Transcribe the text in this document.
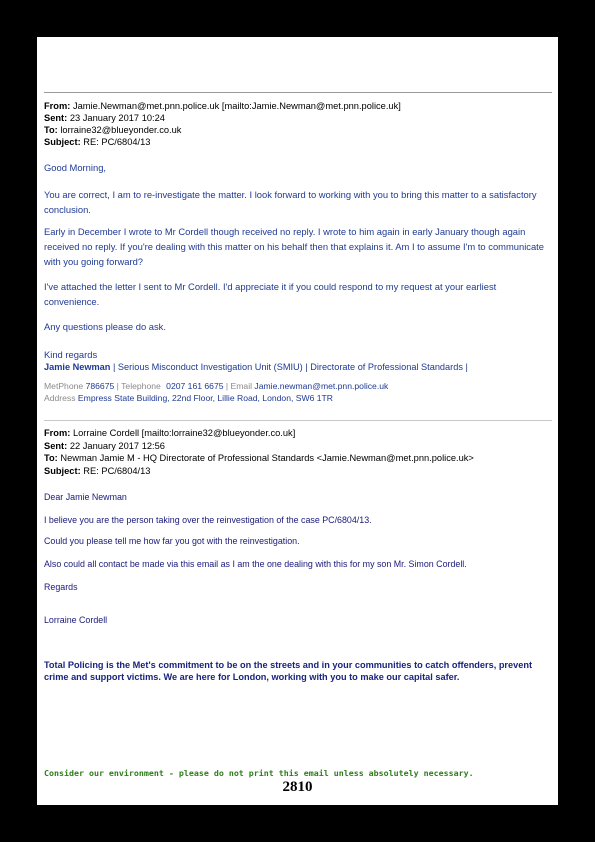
From: Jamie.Newman@met.pnn.police.uk [mailto:Jamie.Newman@met.pnn.police.uk]
Sent: 23 January 2017 10:24
To: lorraine32@blueyonder.co.uk
Subject: RE: PC/6804/13
Good Morning,
You are correct, I am to re-investigate the matter. I look forward to working with you to bring this matter to a satisfactory conclusion.
Early in December I wrote to Mr Cordell though received no reply. I wrote to him again in early January though again received no reply. If you're dealing with this matter on his behalf then that explains it. Am I to assume I'm to communicate with you going forward?
I've attached the letter I sent to Mr Cordell. I'd appreciate it if you could respond to my request at your earliest convenience.
Any questions please do ask.
Kind regards
Jamie Newman | Serious Misconduct Investigation Unit (SMIU) | Directorate of Professional Standards |
MetPhone 786675 | Telephone 0207 161 6675 | Email Jamie.newman@met.pnn.police.uk
Address Empress State Building, 22nd Floor, Lillie Road, London, SW6 1TR
From: Lorraine Cordell [mailto:lorraine32@blueyonder.co.uk]
Sent: 22 January 2017 12:56
To: Newman Jamie M - HQ Directorate of Professional Standards <Jamie.Newman@met.pnn.police.uk>
Subject: RE: PC/6804/13
Dear Jamie Newman
I believe you are the person taking over the reinvestigation of the case PC/6804/13.
Could you please tell me how far you got with the reinvestigation.
Also could all contact be made via this email as I am the one dealing with this for my son Mr. Simon Cordell.
Regards
Lorraine Cordell
Total Policing is the Met's commitment to be on the streets and in your communities to catch offenders, prevent crime and support victims. We are here for London, working with you to make our capital safer.
Consider our environment - please do not print this email unless absolutely necessary.
2810
